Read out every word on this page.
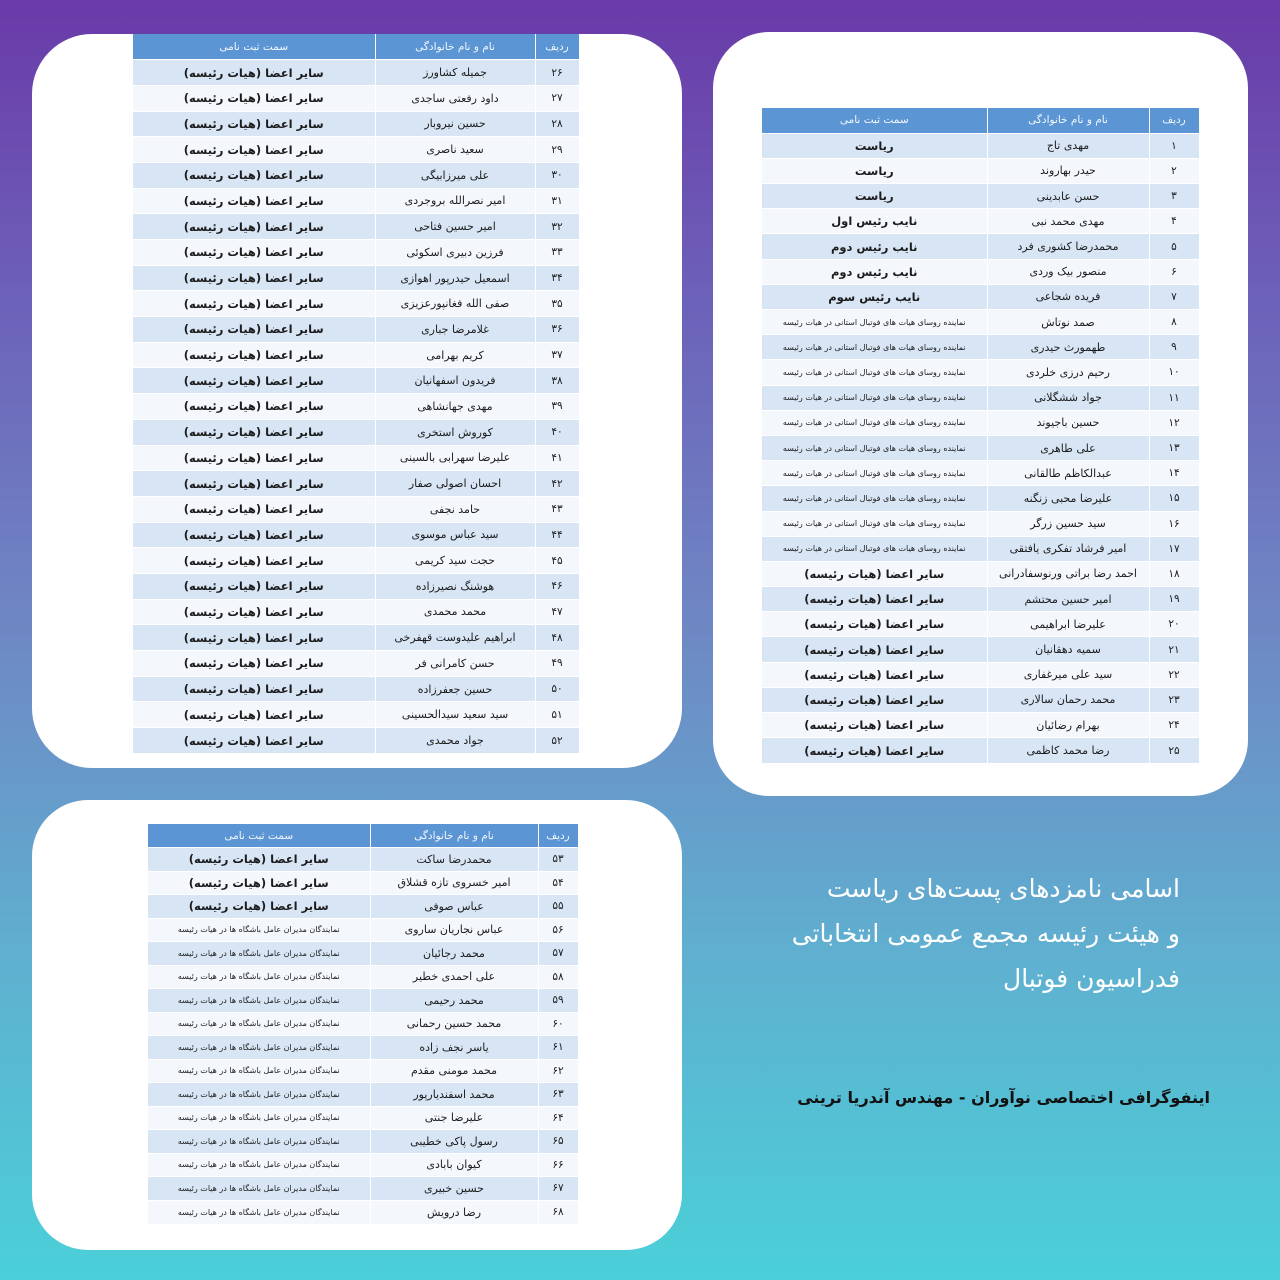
ردیف	نام و نام خانوادگی	سمت ثبت نامی
۲۶	جمیله کشاورز	سایر اعضا (هیات رئیسه)
۲۷	داود رفعتی ساجدی	سایر اعضا (هیات رئیسه)
۲۸	حسین نیروبار	سایر اعضا (هیات رئیسه)
۲۹	سعید ناصری	سایر اعضا (هیات رئیسه)
۳۰	علی میرزابیگی	سایر اعضا (هیات رئیسه)
۳۱	امیر نصرالله بروجردی	سایر اعضا (هیات رئیسه)
۳۲	امیر حسین فتاحی	سایر اعضا (هیات رئیسه)
۳۳	فرزین دبیری اسکوئی	سایر اعضا (هیات رئیسه)
۳۴	اسمعیل حیدرپور اهوازی	سایر اعضا (هیات رئیسه)
۳۵	صفی الله فغانپورعزیزی	سایر اعضا (هیات رئیسه)
۳۶	غلامرضا جباری	سایر اعضا (هیات رئیسه)
۳۷	کریم بهرامی	سایر اعضا (هیات رئیسه)
۳۸	فریدون اسفهانیان	سایر اعضا (هیات رئیسه)
۳۹	مهدی جهانشاهی	سایر اعضا (هیات رئیسه)
۴۰	کوروش استخری	سایر اعضا (هیات رئیسه)
۴۱	علیرضا سهرابی بالسینی	سایر اعضا (هیات رئیسه)
۴۲	احسان اصولی صفار	سایر اعضا (هیات رئیسه)
۴۳	حامد نجفی	سایر اعضا (هیات رئیسه)
۴۴	سید عباس موسوی	سایر اعضا (هیات رئیسه)
۴۵	حجت سید کریمی	سایر اعضا (هیات رئیسه)
۴۶	هوشنگ نصیرزاده	سایر اعضا (هیات رئیسه)
۴۷	محمد محمدی	سایر اعضا (هیات رئیسه)
۴۸	ابراهیم علیدوست قهفرخی	سایر اعضا (هیات رئیسه)
۴۹	حسن کامرانی فر	سایر اعضا (هیات رئیسه)
۵۰	حسین جعفرزاده	سایر اعضا (هیات رئیسه)
۵۱	سید سعید سیدالحسینی	سایر اعضا (هیات رئیسه)
۵۲	جواد محمدی	سایر اعضا (هیات رئیسه)
ردیف	نام و نام خانوادگی	سمت ثبت نامی
۱	مهدی تاج	ریاست
۲	حیدر بهاروند	ریاست
۳	حسن عابدینی	ریاست
۴	مهدی محمد نبی	نایب رئیس اول
۵	محمدرضا کشوری فرد	نایب رئیس دوم
۶	منصور بیک وردی	نایب رئیس دوم
۷	فریده شجاعی	نایب رئیس سوم
۸	صمد نوتاش	نماینده روسای هیات های فوتبال استانی در هیات رئیسه
۹	طهمورث حیدری	نماینده روسای هیات های فوتبال استانی در هیات رئیسه
۱۰	رحیم درزی خلردی	نماینده روسای هیات های فوتبال استانی در هیات رئیسه
۱۱	جواد ششگلانی	نماینده روسای هیات های فوتبال استانی در هیات رئیسه
۱۲	حسین باجیوند	نماینده روسای هیات های فوتبال استانی در هیات رئیسه
۱۳	علی طاهری	نماینده روسای هیات های فوتبال استانی در هیات رئیسه
۱۴	عبدالکاظم طالقانی	نماینده روسای هیات های فوتبال استانی در هیات رئیسه
۱۵	علیرضا محبی زنگنه	نماینده روسای هیات های فوتبال استانی در هیات رئیسه
۱۶	سید حسین زرگر	نماینده روسای هیات های فوتبال استانی در هیات رئیسه
۱۷	امیر فرشاد تفکری یافتقی	نماینده روسای هیات های فوتبال استانی در هیات رئیسه
۱۸	احمد رضا براتی ورنوسفادرانی	سایر اعضا (هیات رئیسه)
۱۹	امیر حسین محتشم	سایر اعضا (هیات رئیسه)
۲۰	علیرضا ابراهیمی	سایر اعضا (هیات رئیسه)
۲۱	سمیه دهقانیان	سایر اعضا (هیات رئیسه)
۲۲	سید علی میرغفاری	سایر اعضا (هیات رئیسه)
۲۳	محمد رحمان سالاری	سایر اعضا (هیات رئیسه)
۲۴	بهرام رضائیان	سایر اعضا (هیات رئیسه)
۲۵	رضا محمد کاظمی	سایر اعضا (هیات رئیسه)
ردیف	نام و نام خانوادگی	سمت ثبت نامی
۵۳	محمدرضا ساکت	سایر اعضا (هیات رئیسه)
۵۴	امیر خسروی تازه قشلاق	سایر اعضا (هیات رئیسه)
۵۵	عباس صوفی	سایر اعضا (هیات رئیسه)
۵۶	عباس نجاریان ساروی	نمایندگان مدیران عامل باشگاه ها در هیات رئیسه
۵۷	محمد رجائیان	نمایندگان مدیران عامل باشگاه ها در هیات رئیسه
۵۸	علی احمدی خطیر	نمایندگان مدیران عامل باشگاه ها در هیات رئیسه
۵۹	محمد رحیمی	نمایندگان مدیران عامل باشگاه ها در هیات رئیسه
۶۰	محمد حسین رحمانی	نمایندگان مدیران عامل باشگاه ها در هیات رئیسه
۶۱	یاسر نجف زاده	نمایندگان مدیران عامل باشگاه ها در هیات رئیسه
۶۲	محمد مومنی مقدم	نمایندگان مدیران عامل باشگاه ها در هیات رئیسه
۶۳	محمد اسفندیارپور	نمایندگان مدیران عامل باشگاه ها در هیات رئیسه
۶۴	علیرضا جنتی	نمایندگان مدیران عامل باشگاه ها در هیات رئیسه
۶۵	رسول پاکی خطیبی	نمایندگان مدیران عامل باشگاه ها در هیات رئیسه
۶۶	کیوان بابادی	نمایندگان مدیران عامل باشگاه ها در هیات رئیسه
۶۷	حسین خبیری	نمایندگان مدیران عامل باشگاه ها در هیات رئیسه
۶۸	رضا درویش	نمایندگان مدیران عامل باشگاه ها در هیات رئیسه
اسامی نامزدهای پست‌های ریاست
و هیئت رئیسه مجمع عمومی انتخاباتی
فدراسیون فوتبال
اینفوگرافی اختصاصی نوآوران - مهندس آندریا ترینی
